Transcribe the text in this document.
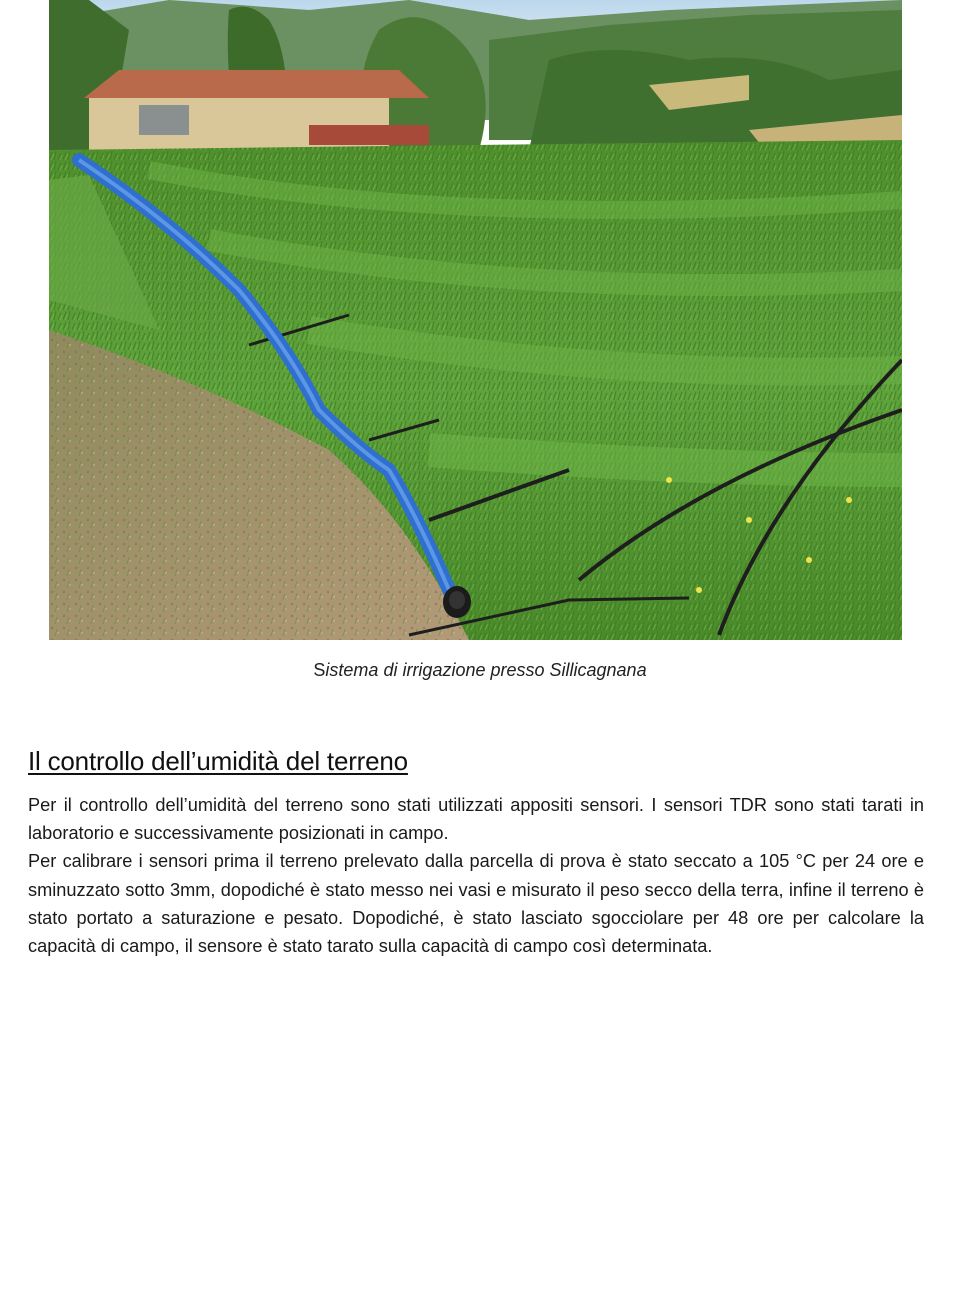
Sistema di irrigazione presso Sillicagnana
Il controllo dell’umidità del terreno

Per il controllo dell’umidità del terreno sono stati utilizzati appositi sensori. I sensori TDR sono stati tarati in laboratorio e successivamente posizionati in campo.

Per calibrare i sensori prima il terreno prelevato dalla parcella di prova è stato seccato a 105 °C per 24 ore e sminuzzato sotto 3mm, dopodiché è stato messo nei vasi e misurato il peso secco della terra, infine il terreno è stato portato a saturazione e pesato. Dopodiché, è stato lasciato sgocciolare per 48 ore per calcolare la capacità di campo, il sensore è stato tarato sulla capacità di campo così determinata.
